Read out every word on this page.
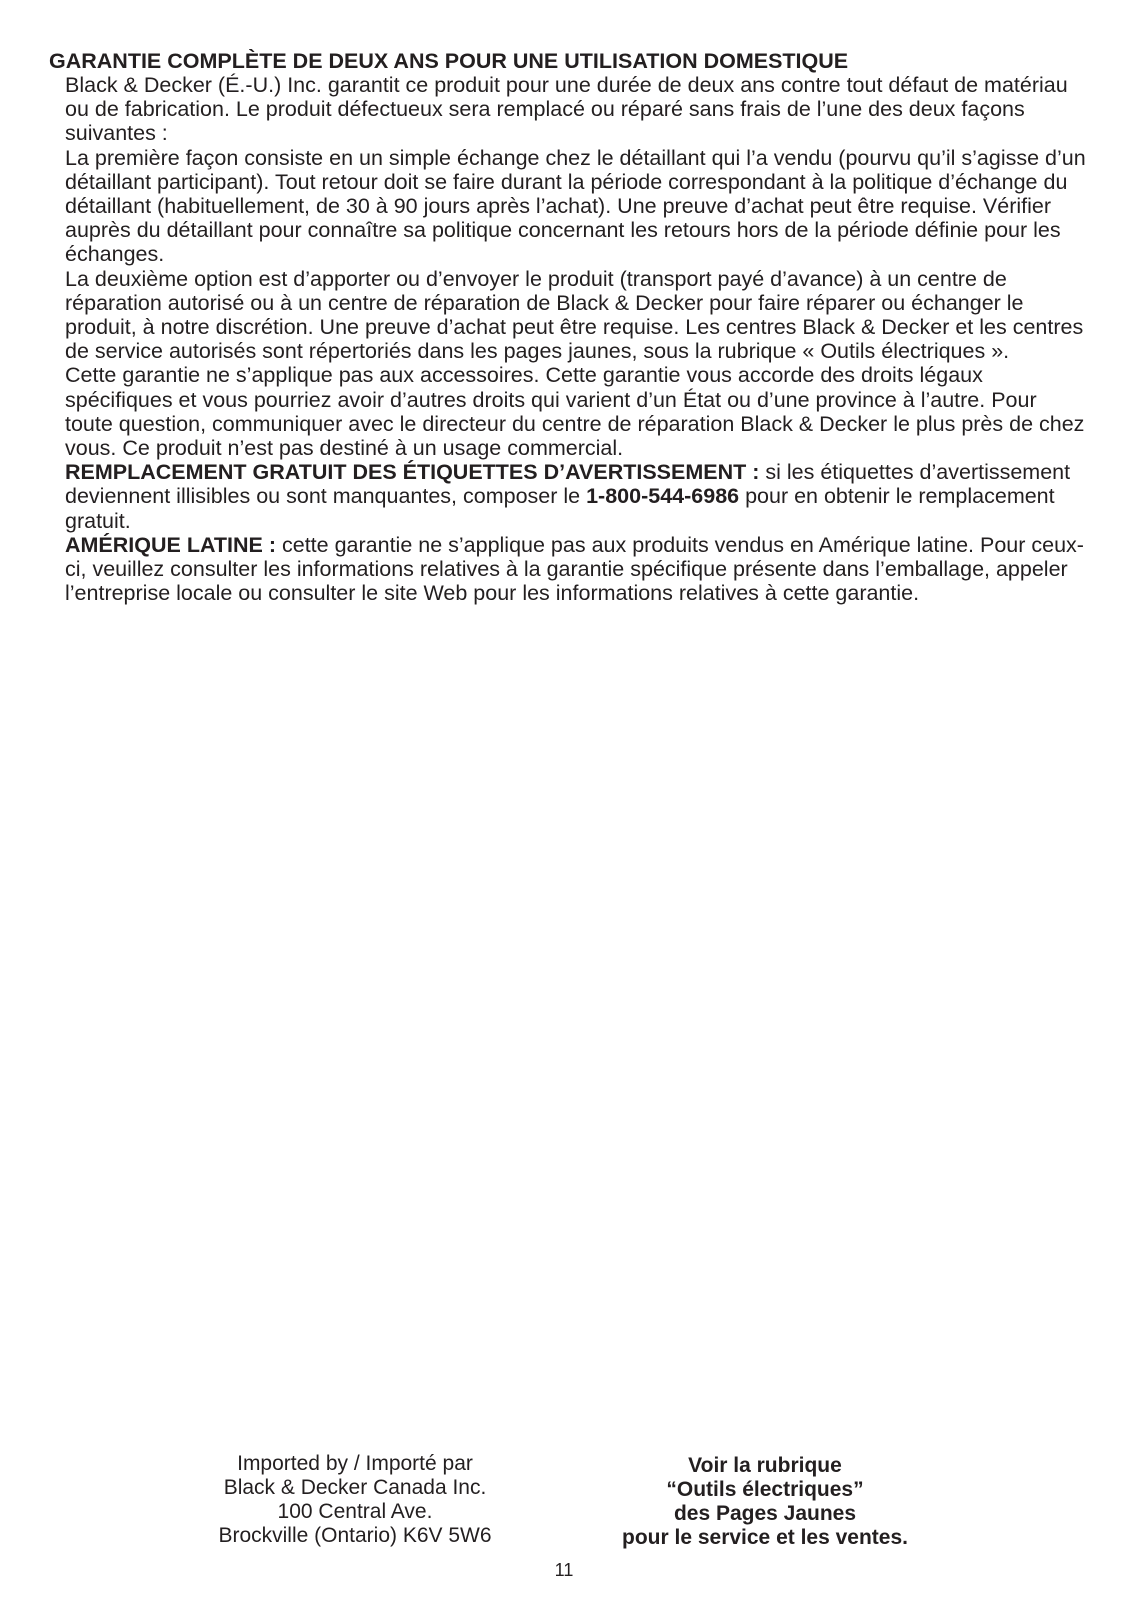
GARANTIE COMPLÈTE DE DEUX ANS POUR UNE UTILISATION DOMESTIQUE

Black & Decker (É.-U.) Inc. garantit ce produit pour une durée de deux ans contre tout défaut de matériau ou de fabrication. Le produit défectueux sera remplacé ou réparé sans frais de l’une des deux façons suivantes :

La première façon consiste en un simple échange chez le détaillant qui l’a vendu (pourvu qu’il s’agisse d’un détaillant participant). Tout retour doit se faire durant la période correspondant à la politique d’échange du détaillant (habituellement, de 30 à 90 jours après l’achat). Une preuve d’achat peut être requise. Vérifier auprès du détaillant pour connaître sa politique concernant les retours hors de la période définie pour les échanges.

La deuxième option est d’apporter ou d’envoyer le produit (transport payé d’avance) à un centre de réparation autorisé ou à un centre de réparation de Black & Decker pour faire réparer ou échanger le produit, à notre discrétion. Une preuve d’achat peut être requise. Les centres Black & Decker et les centres de service autorisés sont répertoriés dans les pages jaunes, sous la rubrique « Outils électriques ».

Cette garantie ne s’applique pas aux accessoires. Cette garantie vous accorde des droits légaux spécifiques et vous pourriez avoir d’autres droits qui varient d’un État ou d’une province à l’autre. Pour toute question, communiquer avec le directeur du centre de réparation Black & Decker le plus près de chez vous. Ce produit n’est pas destiné à un usage commercial.

REMPLACEMENT GRATUIT DES ÉTIQUETTES D’AVERTISSEMENT : si les étiquettes d’avertissement deviennent illisibles ou sont manquantes, composer le 1-800-544-6986 pour en obtenir le remplacement gratuit.

AMÉRIQUE LATINE : cette garantie ne s’applique pas aux produits vendus en Amérique latine. Pour ceux-ci, veuillez consulter les informations relatives à la garantie spécifique présente dans l’emballage, appeler l’entreprise locale ou consulter le site Web pour les informations relatives à cette garantie.

Imported by / Importé par
Black & Decker Canada Inc.
100 Central Ave.
Brockville (Ontario) K6V 5W6
Voir la rubrique
“Outils électriques”
des Pages Jaunes
pour le service et les ventes.
11
